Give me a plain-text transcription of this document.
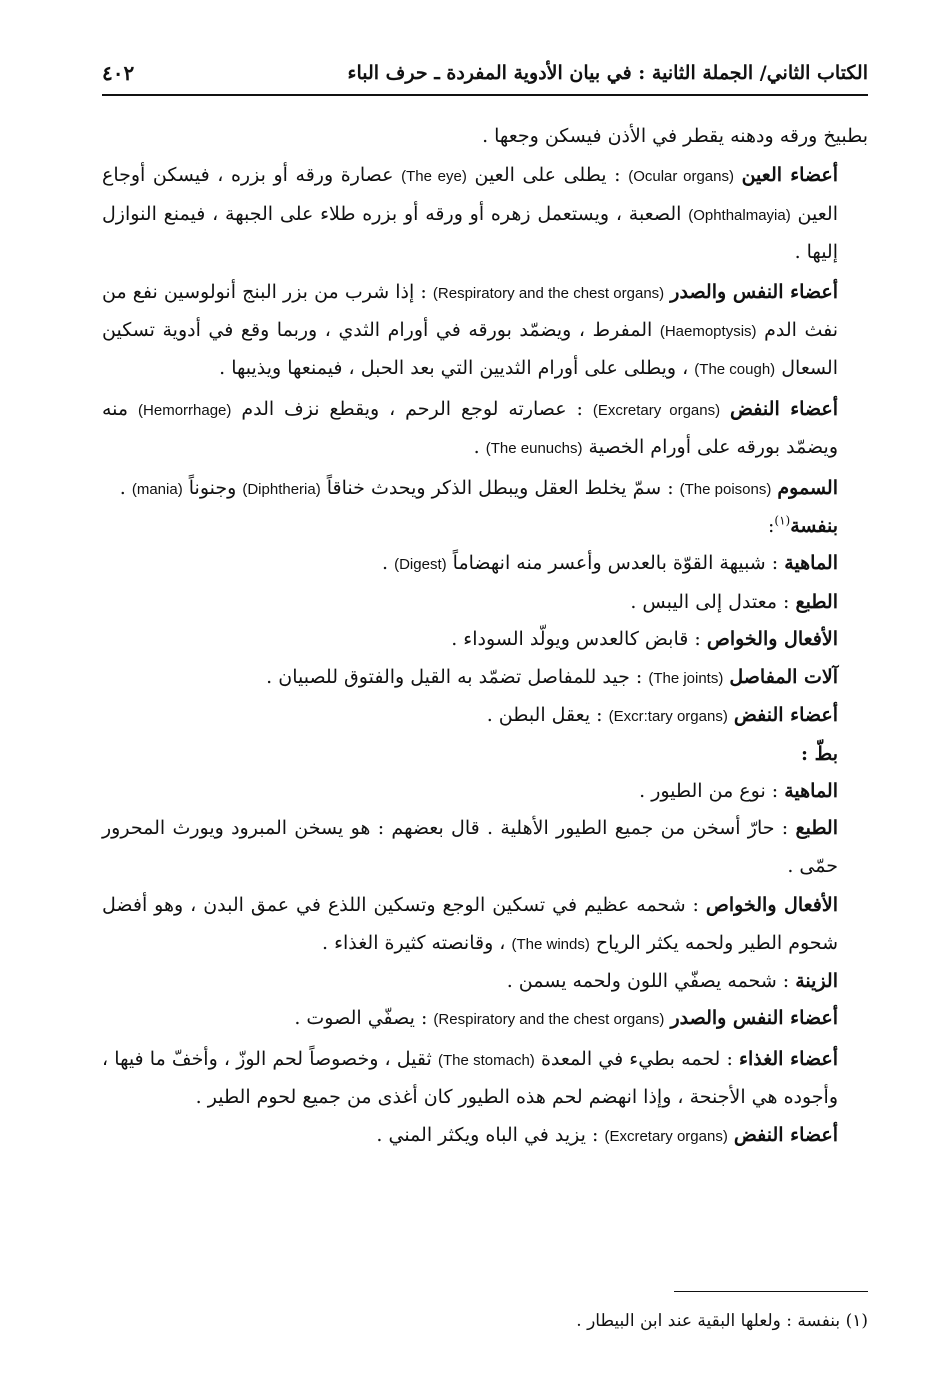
الكتاب الثاني/ الجملة الثانية : في بيان الأدوية المفردة ـ حرف الباء
٤٠٢

بطبيخ ورقه ودهنه يقطر في الأذن فيسكن وجعها .

أعضاء العين (Ocular organs) : يطلى على العين (The eye) عصارة ورقه أو بزره ، فيسكن أوجاع العين (Ophthalmayia) الصعبة ، ويستعمل زهره أو ورقه أو بزره طلاء على الجبهة ، فيمنع النوازل إليها .

أعضاء النفس والصدر (Respiratory and the chest organs) : إذا شرب من بزر البنج أنولوسين نفع من نفث الدم (Haemoptysis) المفرط ، ويضمّد بورقه في أورام الثدي ، وربما وقع في أدوية تسكين السعال (The cough) ، ويطلى على أورام الثديين التي بعد الحبل ، فيمنعها ويذيبها .

أعضاء النفض (Excretary organs) : عصارته لوجع الرحم ، ويقطع نزف الدم (Hemorrhage) منه ويضمّد بورقه على أورام الخصية (The eunuchs) .

السموم (The poisons) : سمّ يخلط العقل ويبطل الذكر ويحدث خناقاً (Diphtheria) وجنوناً (mania) .

بنفسة$^{(١)}$:

الماهية : شبيهة القوّة بالعدس وأعسر منه انهضاماً (Digest) .

الطبع : معتدل إلى اليبس .

الأفعال والخواص : قابض كالعدس ويولّد السوداء .

آلات المفاصل (The joints) : جيد للمفاصل تضمّد به القيل والفتوق للصبيان .

أعضاء النفض (Excr:tary organs) : يعقل البطن .

بطّ :

الماهية : نوع من الطيور .

الطبع : حارّ أسخن من جميع الطيور الأهلية . قال بعضهم : هو يسخن المبرود ويورث المحرور حمّى .

الأفعال والخواص : شحمه عظيم في تسكين الوجع وتسكين اللذع في عمق البدن ، وهو أفضل شحوم الطير ولحمه يكثر الرياح (The winds) ، وقانصته كثيرة الغذاء .

الزينة : شحمه يصفّي اللون ولحمه يسمن .

أعضاء النفس والصدر (Respiratory and the chest organs) : يصفّي الصوت .

أعضاء الغذاء : لحمه بطيء في المعدة (The stomach) ثقيل ، وخصوصاً لحم الوزّ ، وأخفّ ما فيها ، وأجوده هي الأجنحة ، وإذا انهضم لحم هذه الطيور كان أغذى من جميع لحوم الطير .

أعضاء النفض (Excretary organs) : يزيد في الباه ويكثر المني .

(١) بنفسة : ولعلها البقية عند ابن البيطار .
